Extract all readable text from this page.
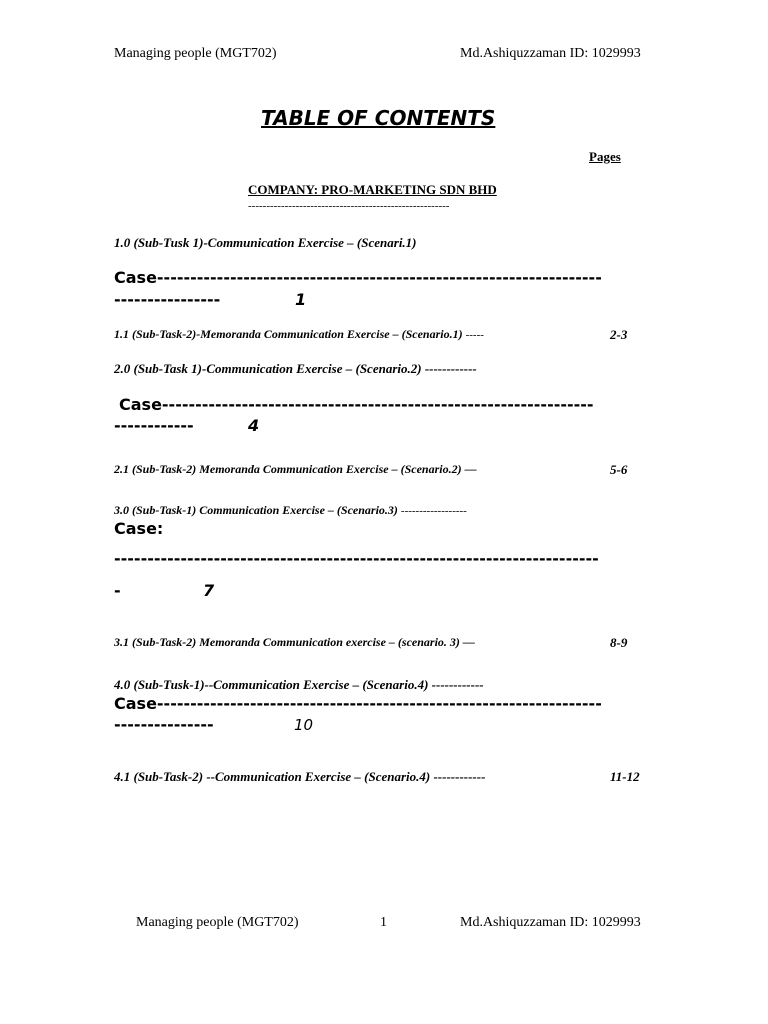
Managing people (MGT702)	Md.Ashiquzzaman ID: 1029993
TABLE OF CONTENTS
Pages
COMPANY: PRO-MARKETING SDN BHD
-------------------------------------------------------
1.0 (Sub-Tusk 1)-Communication Exercise – (Scenari.1)
Case-------------------------------------------------------------------
----------------	1
1.1 (Sub-Task-2)-Memoranda Communication Exercise – (Scenario.1) -----	2-3
2.0 (Sub-Task 1)-Communication Exercise – (Scenario.2) ------------
Case-----------------------------------------------------------------
------------	4
2.1 (Sub-Task-2) Memoranda Communication Exercise – (Scenario.2) —	5-6
3.0 (Sub-Task-1) Communication Exercise – (Scenario.3) ------------------
Case:
-------------------------------------------------------------------------
-	7
3.1 (Sub-Task-2) Memoranda Communication exercise – (scenario. 3) —	8-9
4.0 (Sub-Tusk-1)--Communication Exercise – (Scenario.4) ------------
Case-------------------------------------------------------------------
---------------	10
4.1 (Sub-Task-2) --Communication Exercise – (Scenario.4) ------------	11-12
Managing people (MGT702)	1	Md.Ashiquzzaman ID: 1029993
